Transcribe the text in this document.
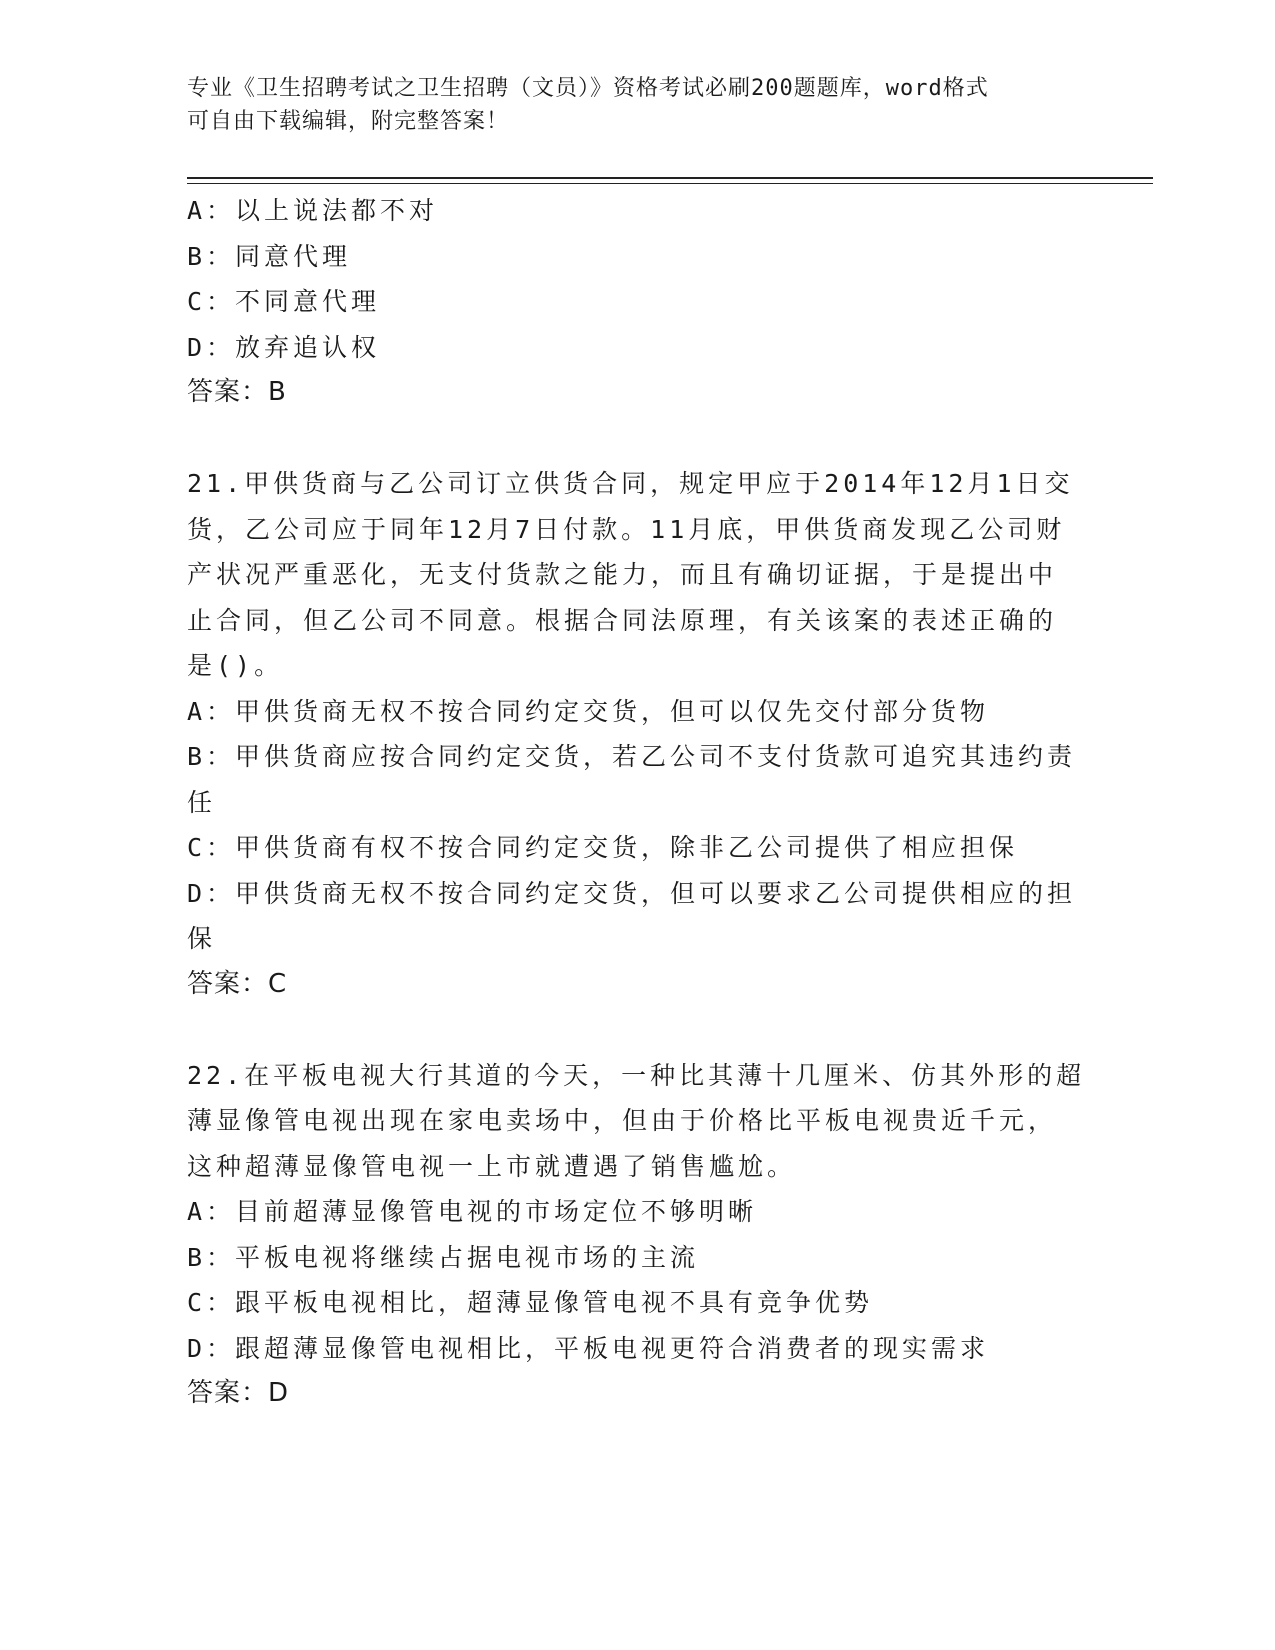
专业《卫生招聘考试之卫生招聘（文员）》资格考试必刷200题题库，word格式
可自由下载编辑，附完整答案！
A：以上说法都不对
B：同意代理
C：不同意代理
D：放弃追认权
答案：B
21.甲供货商与乙公司订立供货合同，规定甲应于2014年12月1日交
货，乙公司应于同年12月7日付款。11月底，甲供货商发现乙公司财
产状况严重恶化，无支付货款之能力，而且有确切证据，于是提出中
止合同，但乙公司不同意。根据合同法原理，有关该案的表述正确的
是()。
A：甲供货商无权不按合同约定交货，但可以仅先交付部分货物
B：甲供货商应按合同约定交货，若乙公司不支付货款可追究其违约责
任
C：甲供货商有权不按合同约定交货，除非乙公司提供了相应担保
D：甲供货商无权不按合同约定交货，但可以要求乙公司提供相应的担
保
答案：C
22.在平板电视大行其道的今天，一种比其薄十几厘米、仿其外形的超
薄显像管电视出现在家电卖场中，但由于价格比平板电视贵近千元，
这种超薄显像管电视一上市就遭遇了销售尴尬。
A：目前超薄显像管电视的市场定位不够明晰
B：平板电视将继续占据电视市场的主流
C：跟平板电视相比，超薄显像管电视不具有竞争优势
D：跟超薄显像管电视相比，平板电视更符合消费者的现实需求
答案：D
